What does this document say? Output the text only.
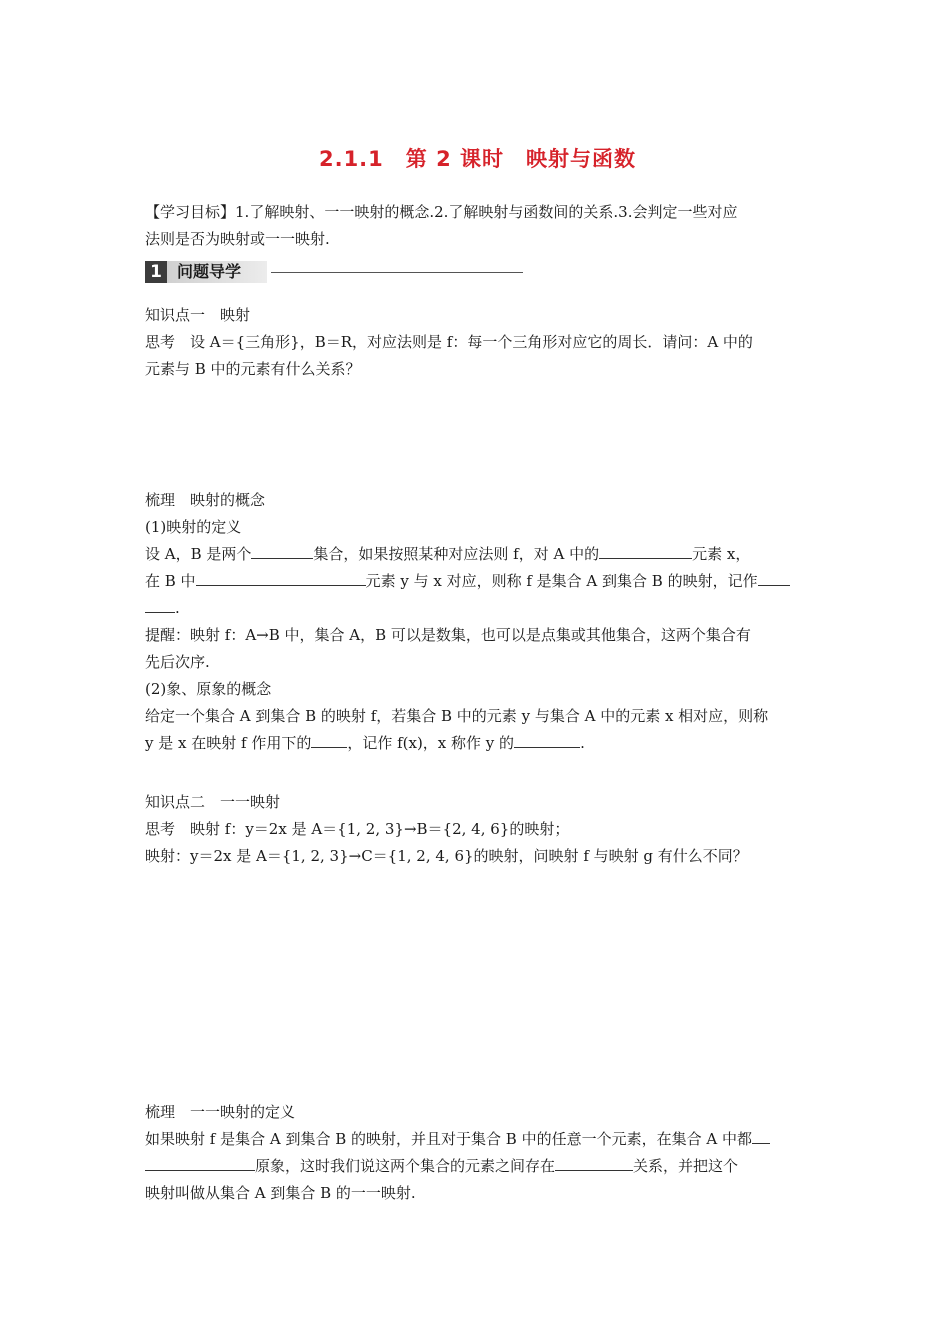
2.1.1　第 2 课时　映射与函数
【学习目标】1.了解映射、一一映射的概念.2.了解映射与函数间的关系.3.会判定一些对应
法则是否为映射或一一映射.
1 问题导学
知识点一　映射
思考　设 A＝{三角形}，B＝R，对应法则是 f：每一个三角形对应它的周长．请问：A 中的
元素与 B 中的元素有什么关系？
梳理　映射的概念
(1)映射的定义
设 A，B 是两个	集合，如果按照某种对应法则 f，对 A 中的	元素 x，
在 B 中	元素 y 与 x 对应，则称 f 是集合 A 到集合 B 的映射，记作
.
提醒：映射 f：A→B 中，集合 A，B 可以是数集，也可以是点集或其他集合，这两个集合有
先后次序.
(2)象、原象的概念
给定一个集合 A 到集合 B 的映射 f，若集合 B 中的元素 y 与集合 A 中的元素 x 相对应，则称
y 是 x 在映射 f 作用下的 ，记作 f(x)，x 称作 y 的	.
知识点二　一一映射
思考　映射 f：y＝2x 是 A＝{1, 2, 3}→B＝{2, 4, 6}的映射；
映射：y＝2x 是 A＝{1, 2, 3}→C＝{1, 2, 4, 6}的映射，问映射 f 与映射 g 有什么不同？
梳理　一一映射的定义
如果映射 f 是集合 A 到集合 B 的映射，并且对于集合 B 中的任意一个元素，在集合 A 中都
原象，这时我们说这两个集合的元素之间存在	关系，并把这个
映射叫做从集合 A 到集合 B 的一一映射.
